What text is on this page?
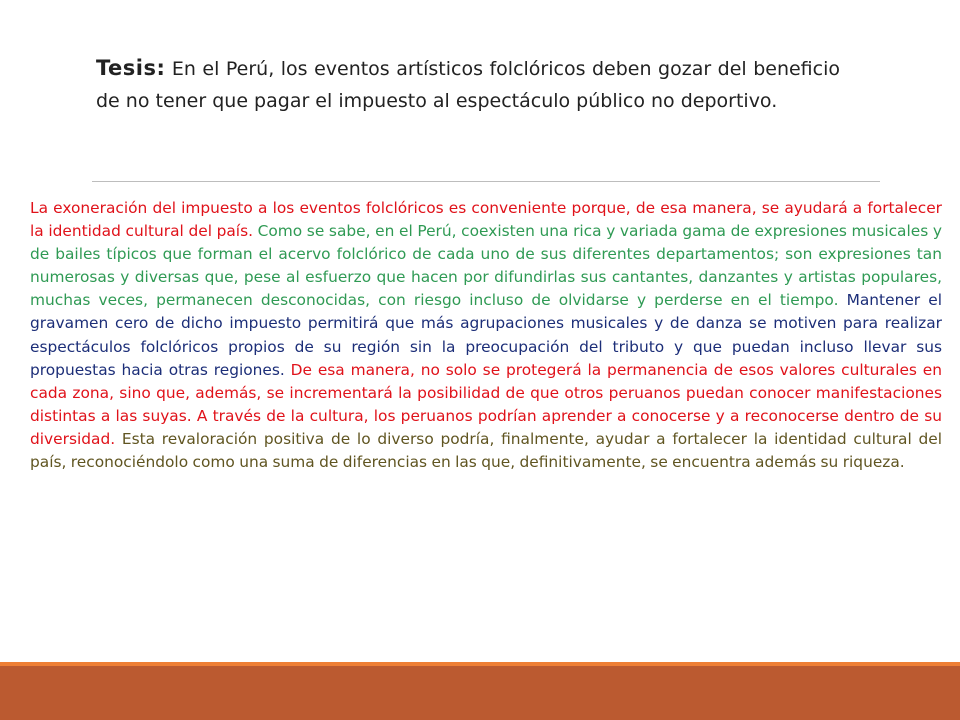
Tesis: En el Perú, los eventos artísticos folclóricos deben gozar del beneficio de no tener que pagar el impuesto al espectáculo público no deportivo.

La exoneración del impuesto a los eventos folclóricos es conveniente porque, de esa manera, se ayudará a fortalecer la identidad cultural del país. Como se sabe, en el Perú, coexisten una rica y variada gama de expresiones musicales y de bailes típicos que forman el acervo folclórico de cada uno de sus diferentes departamentos; son expresiones tan numerosas y diversas que, pese al esfuerzo que hacen por difundirlas sus cantantes, danzantes y artistas populares, muchas veces, permanecen desconocidas, con riesgo incluso de olvidarse y perderse en el tiempo. Mantener el gravamen cero de dicho impuesto permitirá que más agrupaciones musicales y de danza se motiven para realizar espectáculos folclóricos propios de su región sin la preocupación del tributo y que puedan incluso llevar sus propuestas hacia otras regiones. De esa manera, no solo se protegerá la permanencia de esos valores culturales en cada zona, sino que, además, se incrementará la posibilidad de que otros peruanos puedan conocer manifestaciones distintas a las suyas. A través de la cultura, los peruanos podrían aprender a conocerse y a reconocerse dentro de su diversidad. Esta revaloración positiva de lo diverso podría, finalmente, ayudar a fortalecer la identidad cultural del país, reconociéndolo como una suma de diferencias en las que, definitivamente, se encuentra además su riqueza.
